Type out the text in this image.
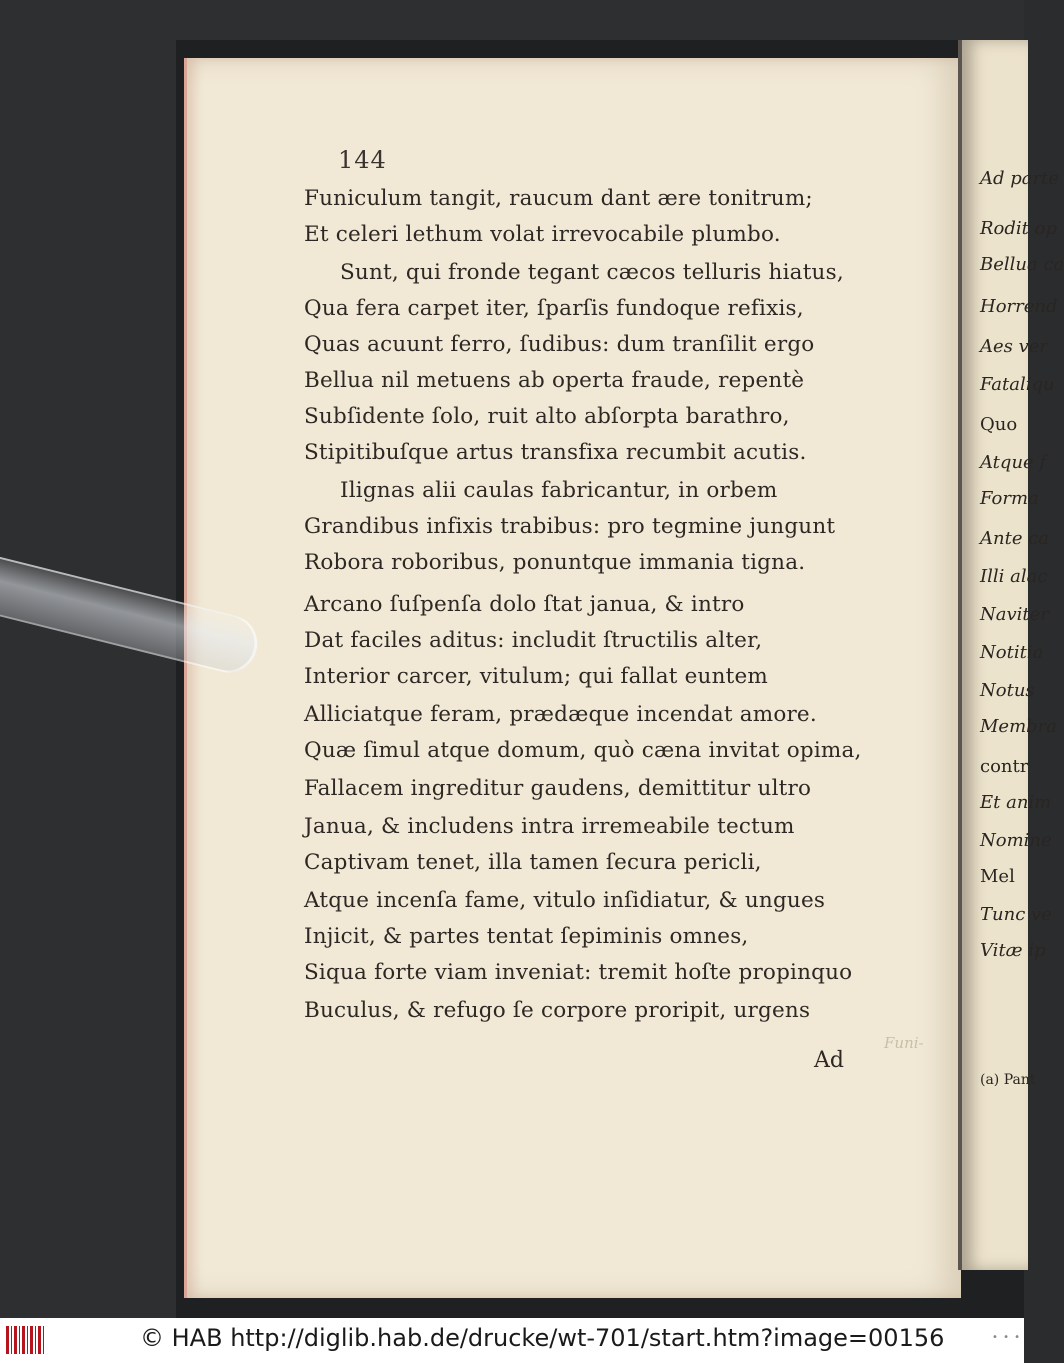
Ad parte
Rodit op
Bellua ca
Horrend
Aes ver
Fataliqu
Quo
Atque f
Forma
Ante ca
Illi alac
Naviter
Notitia
Notus
Membra
contr
Et anim
Nomine
Mel
Tunc ve
Vitæ ip
(a) Pant
144
Funiculum tangit, raucum dant ære tonitrum;
Et celeri lethum volat irrevocabile plumbo.
Sunt, qui fronde tegant cæcos telluris hiatus,
Qua fera carpet iter, ſparſis fundoque refixis,
Quas acuunt ferro, ſudibus: dum tranſilit ergo
Bellua nil metuens ab operta fraude, repentè
Subſidente ſolo, ruit alto abſorpta barathro,
Stipitibuſque artus transfixa recumbit acutis.
Ilignas alii caulas fabricantur, in orbem
Grandibus infixis trabibus: pro tegmine jungunt
Robora roboribus, ponuntque immania tigna.
Arcano ſuſpenſa dolo ſtat janua, & intro
Dat faciles aditus: includit ſtructilis alter,
Interior carcer, vitulum; qui fallat euntem
Alliciatque feram, prædæque incendat amore.
Quæ ſimul atque domum, quò cæna invitat opima,
Fallacem ingreditur gaudens, demittitur ultro
Janua, & includens intra irremeabile tectum
Captivam tenet, illa tamen ſecura pericli,
Atque incenſa fame, vitulo inſidiatur, & ungues
Injicit, & partes tentat ſepiminis omnes,
Siqua forte viam inveniat: tremit hoſte propinquo
Buculus, & refugo ſe corpore proripit, urgens
Funi-
Ad
© HAB http://diglib.hab.de/drucke/wt-701/start.htm?image=00156	• • •
